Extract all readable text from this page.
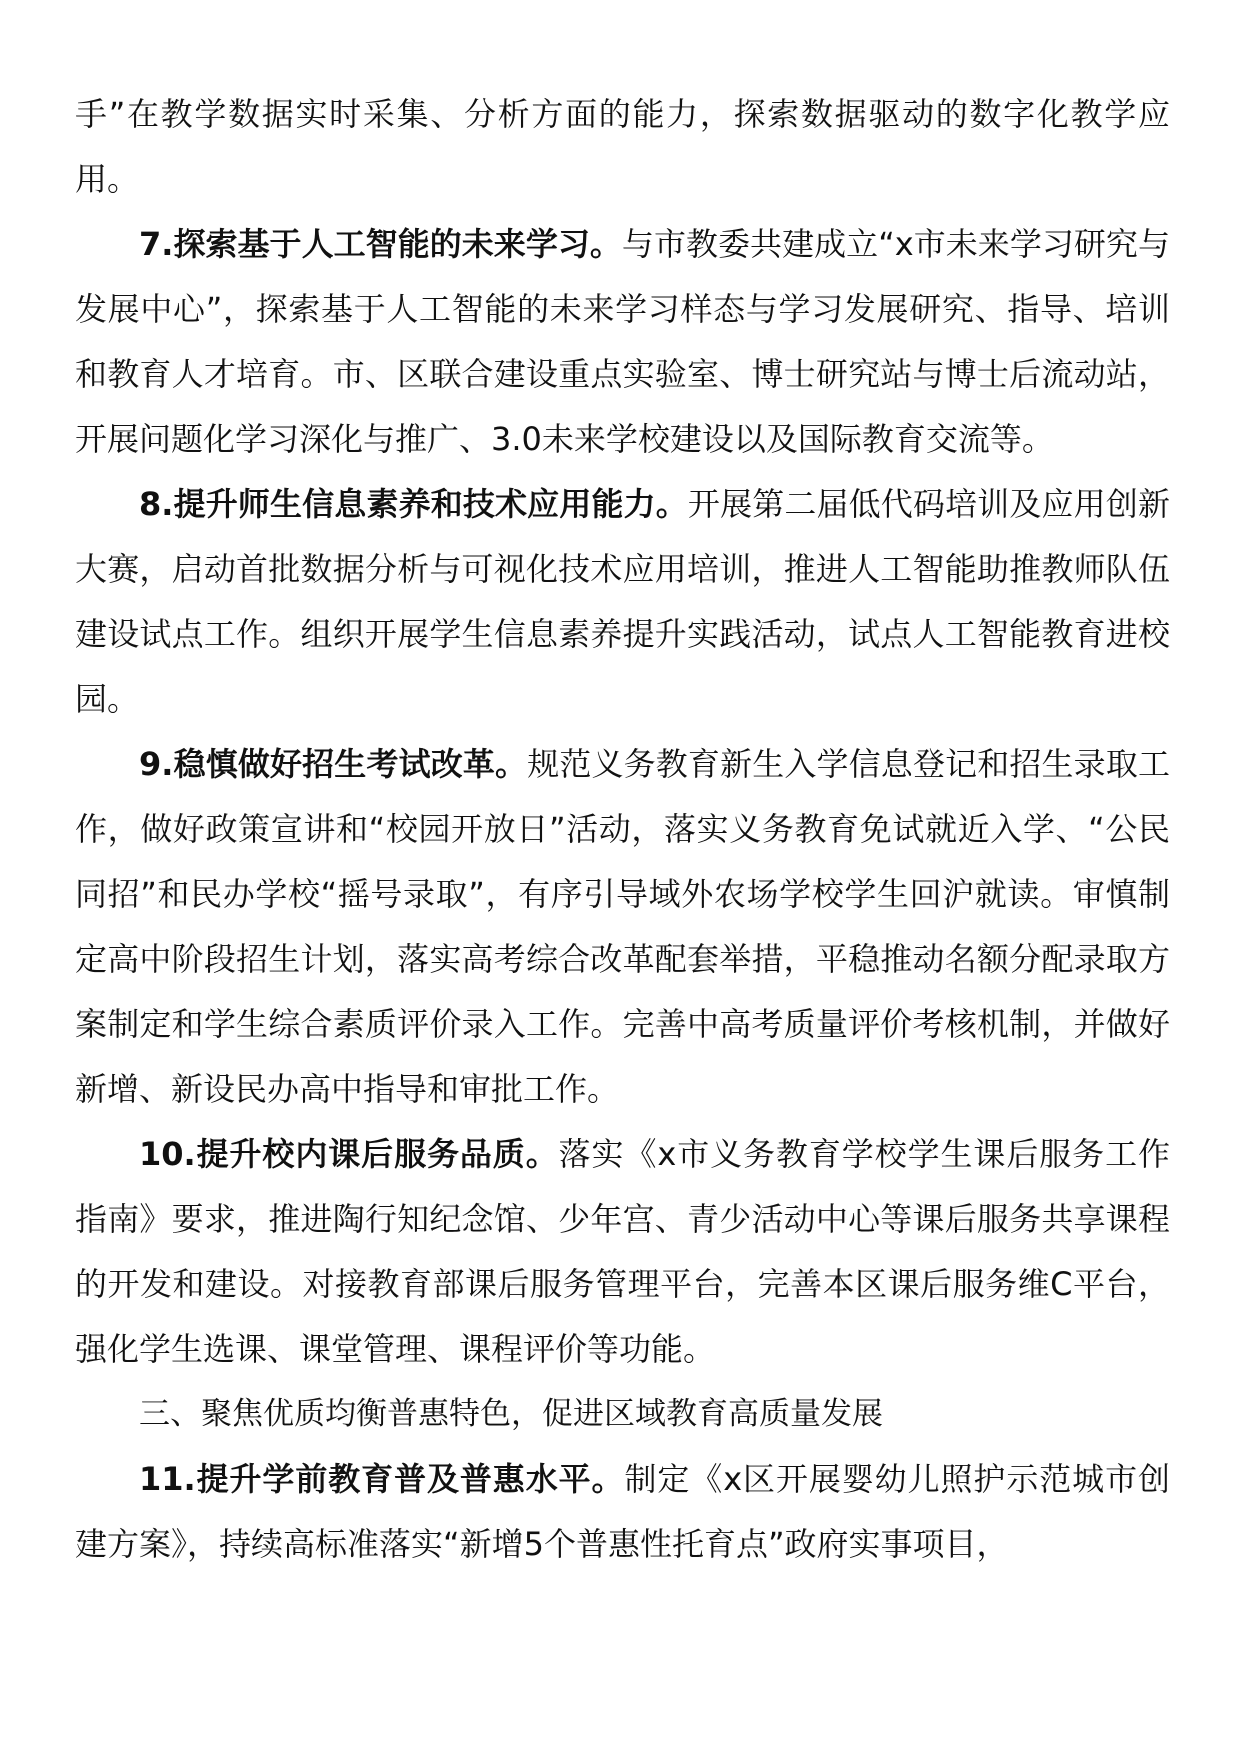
手”在教学数据实时采集、分析方面的能力，探索数据驱动的数字化教学应用。

7.探索基于人工智能的未来学习。与市教委共建成立“x市未来学习研究与发展中心”，探索基于人工智能的未来学习样态与学习发展研究、指导、培训和教育人才培育。市、区联合建设重点实验室、博士研究站与博士后流动站，开展问题化学习深化与推广、3.0未来学校建设以及国际教育交流等。

8.提升师生信息素养和技术应用能力。开展第二届低代码培训及应用创新大赛，启动首批数据分析与可视化技术应用培训，推进人工智能助推教师队伍建设试点工作。组织开展学生信息素养提升实践活动，试点人工智能教育进校园。

9.稳慎做好招生考试改革。规范义务教育新生入学信息登记和招生录取工作，做好政策宣讲和“校园开放日”活动，落实义务教育免试就近入学、“公民同招”和民办学校“摇号录取”，有序引导域外农场学校学生回沪就读。审慎制定高中阶段招生计划，落实高考综合改革配套举措，平稳推动名额分配录取方案制定和学生综合素质评价录入工作。完善中高考质量评价考核机制，并做好新增、新设民办高中指导和审批工作。

10.提升校内课后服务品质。落实《x市义务教育学校学生课后服务工作指南》要求，推进陶行知纪念馆、少年宫、青少活动中心等课后服务共享课程的开发和建设。对接教育部课后服务管理平台，完善本区课后服务维C平台，强化学生选课、课堂管理、课程评价等功能。

三、聚焦优质均衡普惠特色，促进区域教育高质量发展

11.提升学前教育普及普惠水平。制定《x区开展婴幼儿照护示范城市创建方案》，持续高标准落实“新增5个普惠性托育点”政府实事项目，
